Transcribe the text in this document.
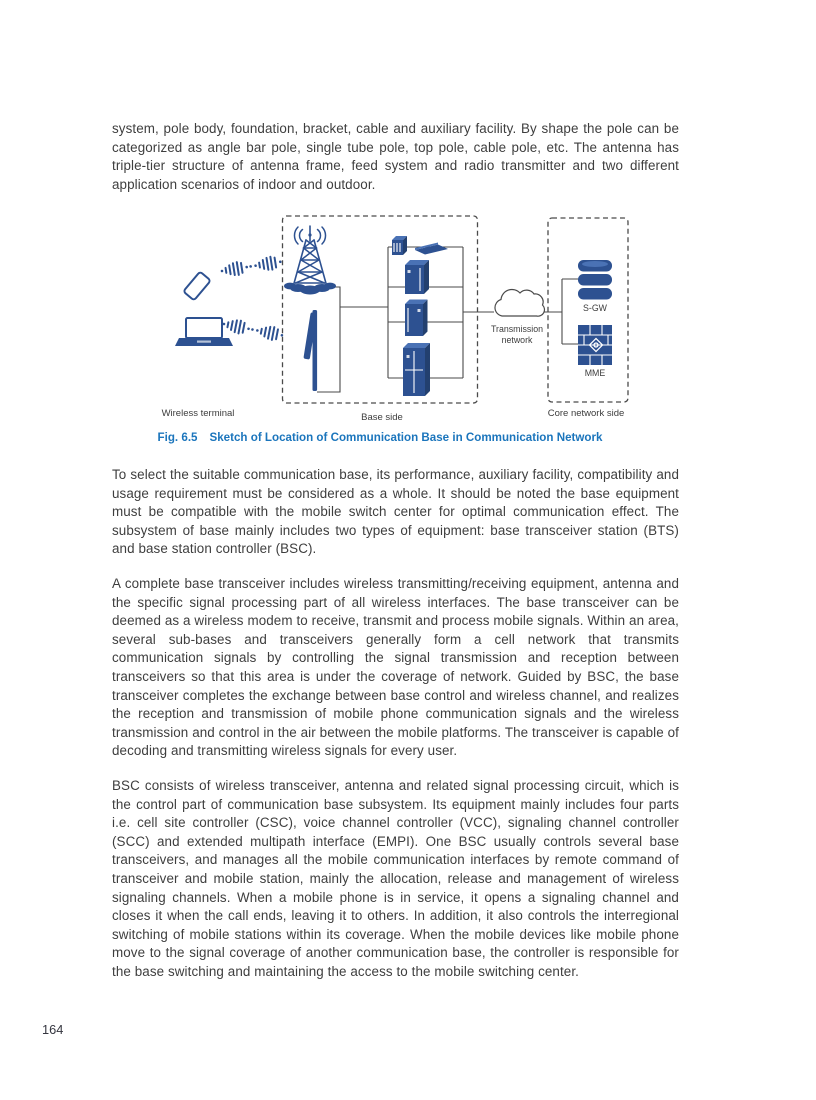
system, pole body, foundation, bracket, cable and auxiliary facility. By shape the pole can be categorized as angle bar pole, single tube pole, top pole, cable pole, etc. The antenna has triple-tier structure of antenna frame, feed system and radio transmitter and two different application scenarios of indoor and outdoor.

Transmission
network
S-GW
MME
Wireless terminal	Base side	Core network side
Fig. 6.5 Sketch of Location of Communication Base in Communication Network

To select the suitable communication base, its performance, auxiliary facility, compatibility and usage requirement must be considered as a whole. It should be noted the base equipment must be compatible with the mobile switch center for optimal communication effect. The subsystem of base mainly includes two types of equipment: base transceiver station (BTS) and base station controller (BSC).

A complete base transceiver includes wireless transmitting/receiving equipment, antenna and the specific signal processing part of all wireless interfaces. The base transceiver can be deemed as a wireless modem to receive, transmit and process mobile signals. Within an area, several sub-bases and transceivers generally form a cell network that transmits communication signals by controlling the signal transmission and reception between transceivers so that this area is under the coverage of network. Guided by BSC, the base transceiver completes the exchange between base control and wireless channel, and realizes the reception and transmission of mobile phone communication signals and the wireless transmission and control in the air between the mobile platforms. The transceiver is capable of decoding and transmitting wireless signals for every user.

BSC consists of wireless transceiver, antenna and related signal processing circuit, which is the control part of communication base subsystem. Its equipment mainly includes four parts i.e. cell site controller (CSC), voice channel controller (VCC), signaling channel controller (SCC) and extended multipath interface (EMPI). One BSC usually controls several base transceivers, and manages all the mobile communication interfaces by remote command of transceiver and mobile station, mainly the allocation, release and management of wireless signaling channels. When a mobile phone is in service, it opens a signaling channel and closes it when the call ends, leaving it to others. In addition, it also controls the interregional switching of mobile stations within its coverage. When the mobile devices like mobile phone move to the signal coverage of another communication base, the controller is responsible for the base switching and maintaining the access to the mobile switching center.

164
